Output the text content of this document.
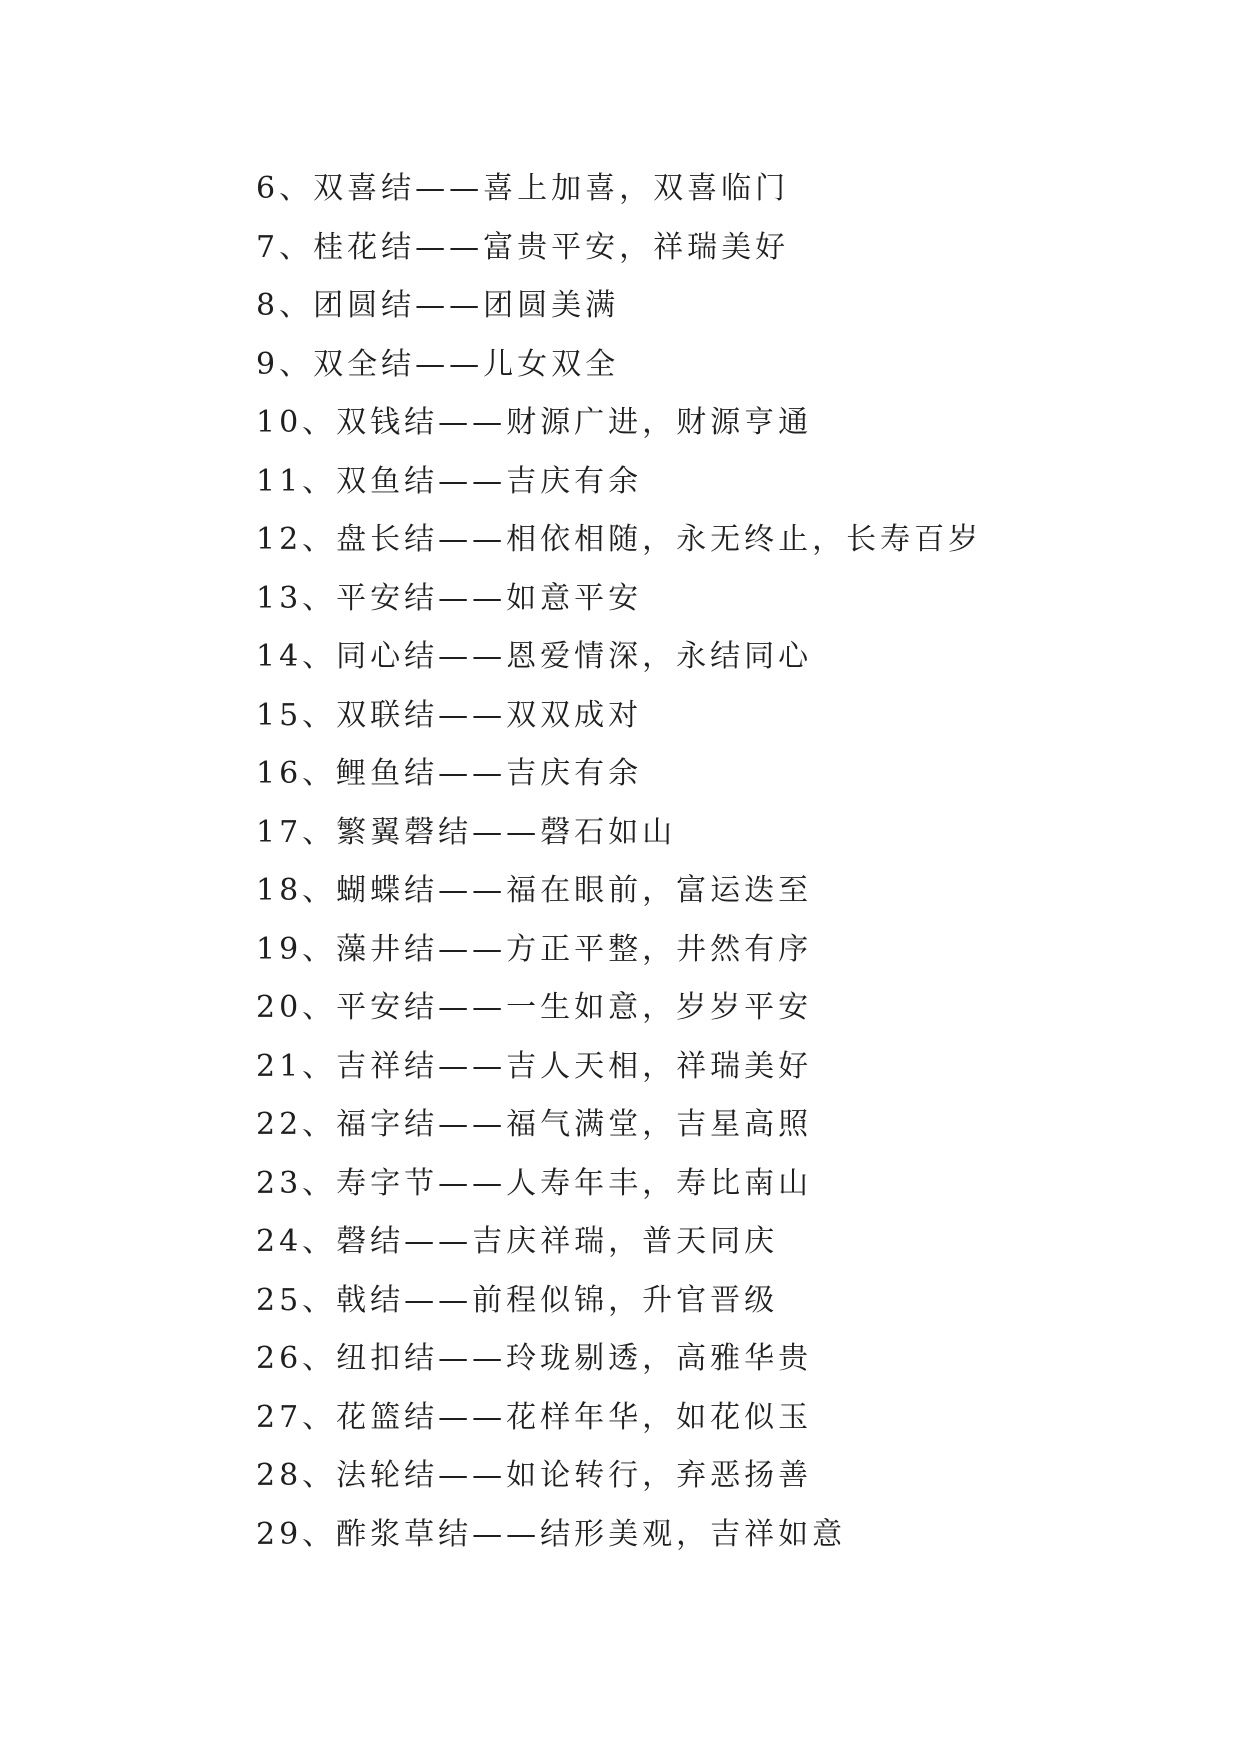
6、双喜结——喜上加喜，双喜临门
7、桂花结——富贵平安，祥瑞美好
8、团圆结——团圆美满
9、双全结——儿女双全
10、双钱结——财源广进，财源亨通
11、双鱼结——吉庆有余
12、盘长结——相依相随，永无终止，长寿百岁
13、平安结——如意平安
14、同心结——恩爱情深，永结同心
15、双联结——双双成对
16、鲤鱼结——吉庆有余
17、繁翼磬结——磬石如山
18、蝴蝶结——福在眼前，富运迭至
19、藻井结——方正平整，井然有序
20、平安结——一生如意，岁岁平安
21、吉祥结——吉人天相，祥瑞美好
22、福字结——福气满堂，吉星高照
23、寿字节——人寿年丰，寿比南山
24、磬结——吉庆祥瑞，普天同庆
25、戟结——前程似锦，升官晋级
26、纽扣结——玲珑剔透，高雅华贵
27、花篮结——花样年华，如花似玉
28、法轮结——如论转行，弃恶扬善
29、酢浆草结——结形美观，吉祥如意
